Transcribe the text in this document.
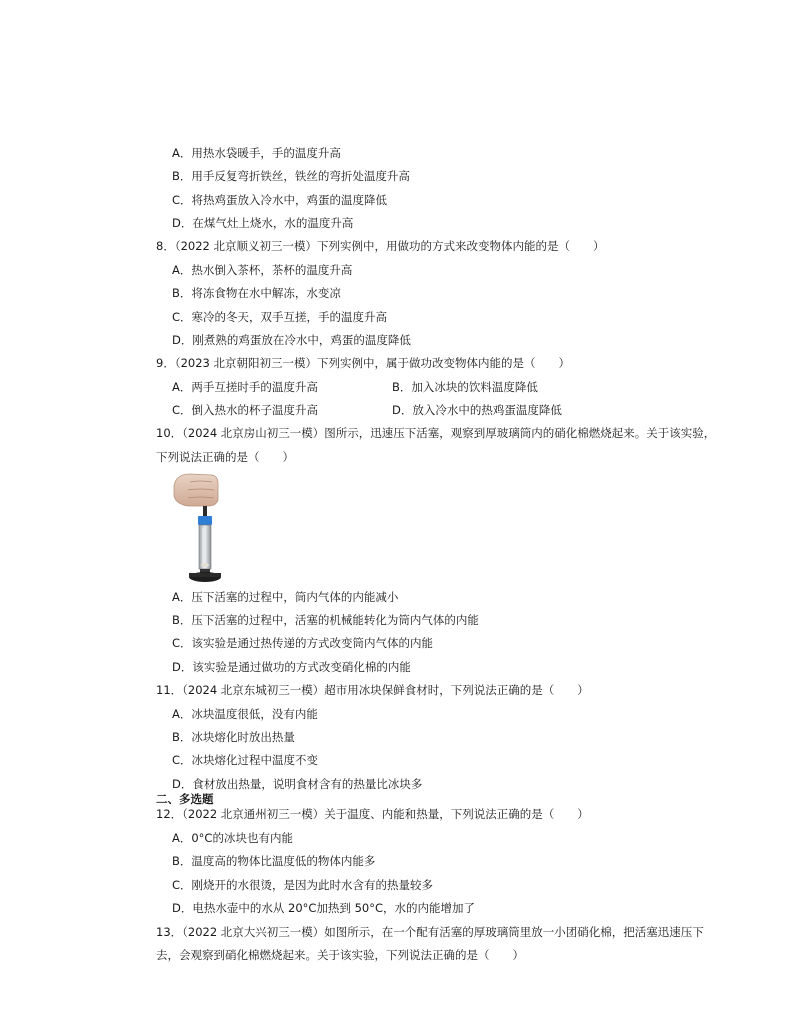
A．用热水袋暖手，手的温度升高
B．用手反复弯折铁丝，铁丝的弯折处温度升高
C．将热鸡蛋放入冷水中，鸡蛋的温度降低
D．在煤气灶上烧水，水的温度升高
8．（2022 北京顺义初三一模）下列实例中，用做功的方式来改变物体内能的是（　　）
A．热水倒入茶杯，茶杯的温度升高
B．将冻食物在水中解冻，水变凉
C．寒冷的冬天，双手互搓，手的温度升高
D．刚煮熟的鸡蛋放在冷水中，鸡蛋的温度降低
9．（2023 北京朝阳初三一模）下列实例中，属于做功改变物体内能的是（　　）
A．两手互搓时手的温度升高	B．加入冰块的饮料温度降低
C．倒入热水的杯子温度升高	D．放入冷水中的热鸡蛋温度降低
10．（2024 北京房山初三一模）图所示，迅速压下活塞，观察到厚玻璃筒内的硝化棉燃烧起来。关于该实验，
下列说法正确的是（　　）
A．压下活塞的过程中，筒内气体的内能减小
B．压下活塞的过程中，活塞的机械能转化为筒内气体的内能
C．该实验是通过热传递的方式改变筒内气体的内能
D．该实验是通过做功的方式改变硝化棉的内能
11．（2024 北京东城初三一模）超市用冰块保鲜食材时，下列说法正确的是（　　）
A．冰块温度很低，没有内能
B．冰块熔化时放出热量
C．冰块熔化过程中温度不变
D．食材放出热量，说明食材含有的热量比冰块多
二、多选题
12．（2022 北京通州初三一模）关于温度、内能和热量，下列说法正确的是（　　）
A．0°C的冰块也有内能
B．温度高的物体比温度低的物体内能多
C．刚烧开的水很烫，是因为此时水含有的热量较多
D．电热水壶中的水从 20°C加热到 50°C，水的内能增加了
13．（2022 北京大兴初三一模）如图所示，在一个配有活塞的厚玻璃筒里放一小团硝化棉，把活塞迅速压下
去，会观察到硝化棉燃烧起来。关于该实验，下列说法正确的是（　　）
